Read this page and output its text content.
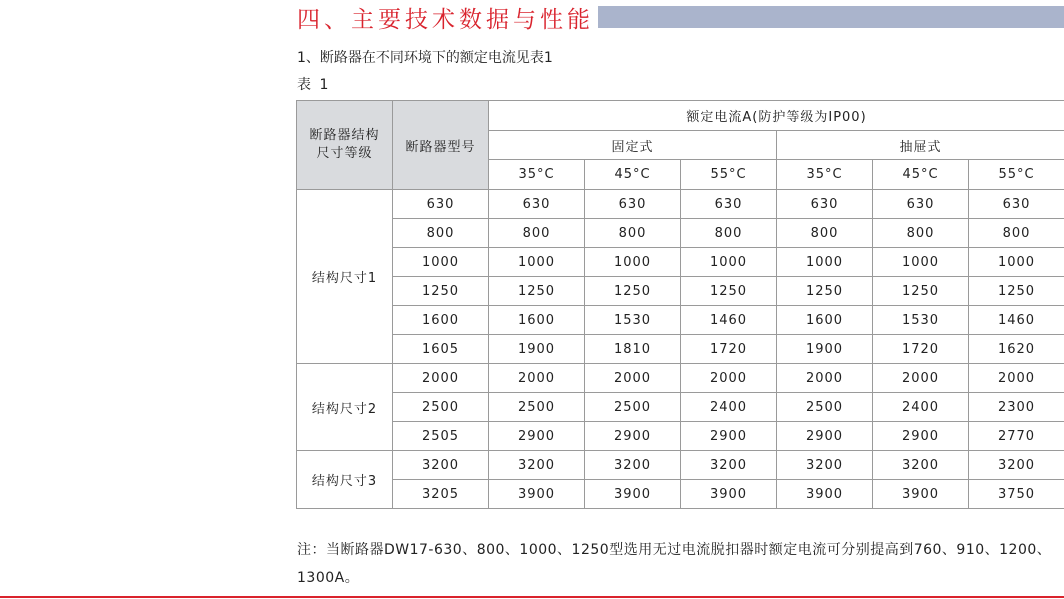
四、主要技术数据与性能
1、断路器在不同环境下的额定电流见表1
表 1
断路器结构尺寸等级	断路器型号	额定电流A(防护等级为IP00)					
		固定式			抽屉式		
		35°C	45°C	55°C	35°C	45°C	55°C
结构尺寸1	630	630	630	630	630	630	630
	800	800	800	800	800	800	800
	1000	1000	1000	1000	1000	1000	1000
	1250	1250	1250	1250	1250	1250	1250
	1600	1600	1530	1460	1600	1530	1460
	1605	1900	1810	1720	1900	1720	1620
结构尺寸2	2000	2000	2000	2000	2000	2000	2000
	2500	2500	2500	2400	2500	2400	2300
	2505	2900	2900	2900	2900	2900	2770
结构尺寸3	3200	3200	3200	3200	3200	3200	3200
	3205	3900	3900	3900	3900	3900	3750
注：当断路器DW17-630、800、1000、1250型选用无过电流脱扣器时额定电流可分别提高到760、910、1200、1300A。
